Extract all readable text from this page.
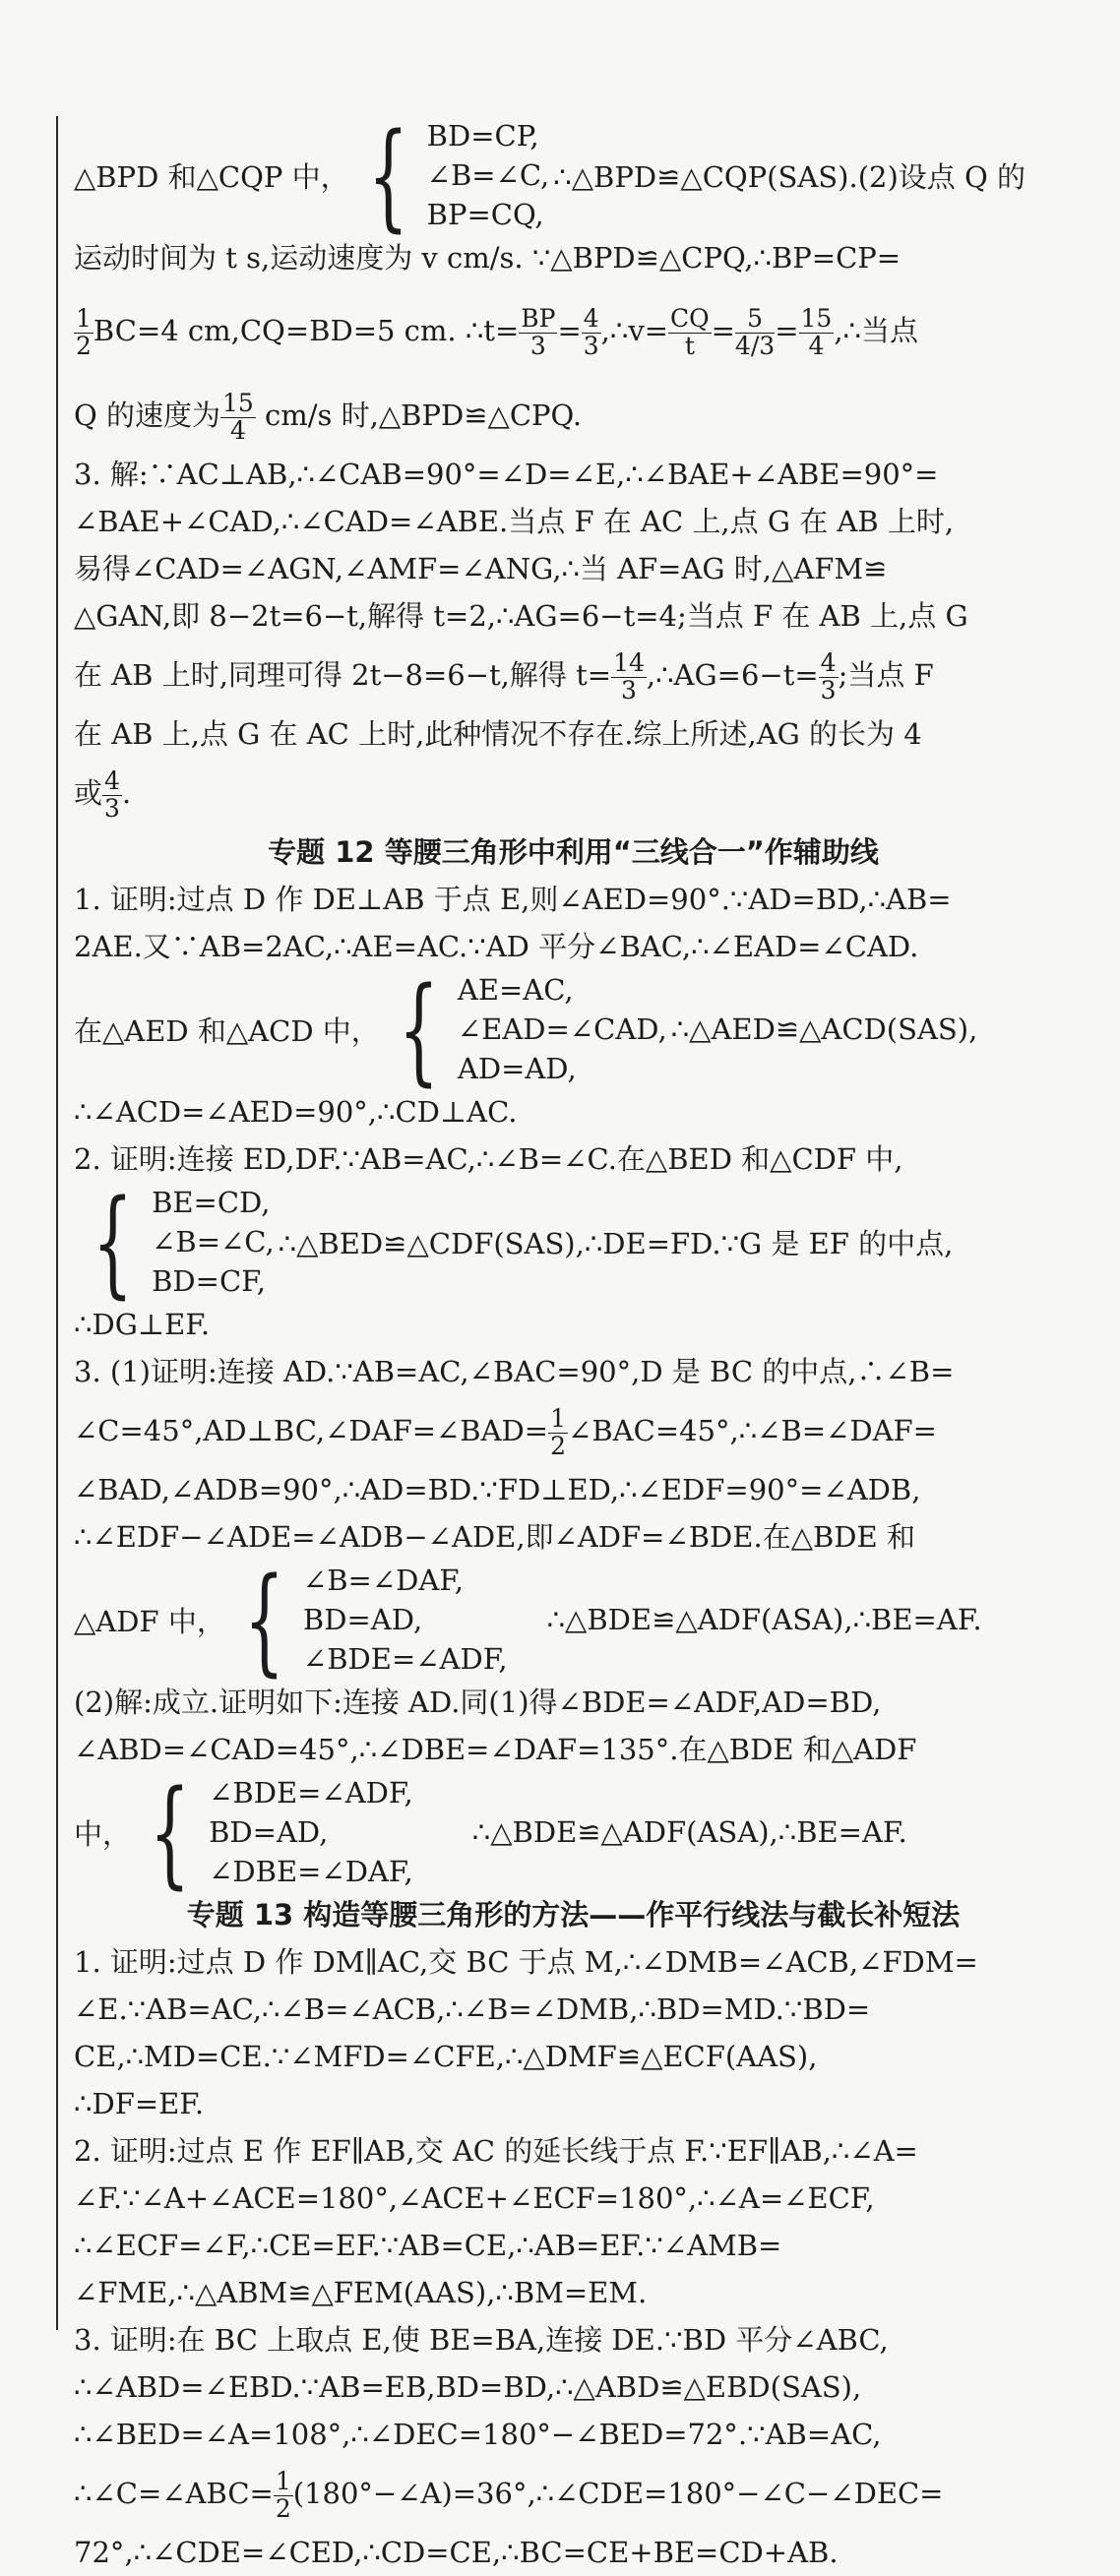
△BPD 和△CQP 中， { BD=CP,
∠B=∠C,
BP=CQ,
∴△BPD≌△CQP(SAS).(2)设点 Q 的
运动时间为 t s,运动速度为 v cm/s. ∵△BPD≌△CPQ,∴BP=CP=
$\frac{1}{2} BC=4$ cm,CQ=BD=5 cm. ∴t= $\frac{BP}{3} = \frac{4}{3}$ ,∴v= $\frac{CQ}{t} = \frac{5}{4/3} = \frac{15}{4}$ ,∴当点
Q 的速度为 $\frac{15}{4} cm/s$ 时,△BPD≌△CPQ.
3. 解:∵AC⊥AB,∴∠CAB=90°=∠D=∠E,∴∠BAE+∠ABE=90°=
∠BAE+∠CAD,∴∠CAD=∠ABE.当点 F 在 AC 上,点 G 在 AB 上时,
易得∠CAD=∠AGN,∠AMF=∠ANG,∴当 AF=AG 时,△AFM≌
△GAN,即 8−2t=6−t,解得 t=2,∴AG=6−t=4;当点 F 在 AB 上,点 G
在 AB 上时,同理可得 2t−8=6−t,解得 $t= \frac{14}{3}$ ,∴AG=6−t= $\frac{4}{3}$ ;当点 F
在 AB 上,点 G 在 AC 上时,此种情况不存在.综上所述,AG 的长为 4
或 $\frac{4}{3}$ .
专题 12 等腰三角形中利用“三线合一”作辅助线
1. 证明:过点 D 作 DE⊥AB 于点 E,则∠AED=90°.∵AD=BD,∴AB=
2AE.又∵AB=2AC,∴AE=AC.∵AD 平分∠BAC,∴∠EAD=∠CAD.
在△AED 和△ACD 中， { AE=AC,
∠EAD=∠CAD,
AD=AD,
∴△AED≌△ACD(SAS),
∴∠ACD=∠AED=90°,∴CD⊥AC.
2. 证明:连接 ED,DF.∵AB=AC,∴∠B=∠C.在△BED 和△CDF 中,
{ BE=CD,
∠B=∠C,
BD=CF,
∴△BED≌△CDF(SAS),∴DE=FD.∵G 是 EF 的中点,
∴DG⊥EF.
3. (1)证明:连接 AD.∵AB=AC,∠BAC=90°,D 是 BC 的中点,∴∠B=
∠C=45°,AD⊥BC,∠DAF=∠BAD= $\frac{1}{2}$ ∠BAC=45°,∴∠B=∠DAF=
∠BAD,∠ADB=90°,∴AD=BD.∵FD⊥ED,∴∠EDF=90°=∠ADB,
∴∠EDF−∠ADE=∠ADB−∠ADE,即∠ADF=∠BDE.在△BDE 和
△ADF 中， { ∠B=∠DAF,
BD=AD,
∠BDE=∠ADF,
∴△BDE≌△ADF(ASA),∴BE=AF.
(2)解:成立.证明如下:连接 AD.同(1)得∠BDE=∠ADF,AD=BD,
∠ABD=∠CAD=45°,∴∠DBE=∠DAF=135°.在△BDE 和△ADF
中， { ∠BDE=∠ADF,
BD=AD,
∠DBE=∠DAF,
∴△BDE≌△ADF(ASA),∴BE=AF.
专题 13 构造等腰三角形的方法——作平行线法与截长补短法
1. 证明:过点 D 作 DM∥AC,交 BC 于点 M,∴∠DMB=∠ACB,∠FDM=
∠E.∵AB=AC,∴∠B=∠ACB,∴∠B=∠DMB,∴BD=MD.∵BD=
CE,∴MD=CE.∵∠MFD=∠CFE,∴△DMF≌△ECF(AAS),
∴DF=EF.
2. 证明:过点 E 作 EF∥AB,交 AC 的延长线于点 F.∵EF∥AB,∴∠A=
∠F.∵∠A+∠ACE=180°,∠ACE+∠ECF=180°,∴∠A=∠ECF,
∴∠ECF=∠F,∴CE=EF.∵AB=CE,∴AB=EF.∵∠AMB=
∠FME,∴△ABM≌△FEM(AAS),∴BM=EM.
3. 证明:在 BC 上取点 E,使 BE=BA,连接 DE.∵BD 平分∠ABC,
∴∠ABD=∠EBD.∵AB=EB,BD=BD,∴△ABD≌△EBD(SAS),
∴∠BED=∠A=108°,∴∠DEC=180°−∠BED=72°.∵AB=AC,
∴∠C=∠ABC= $\frac{1}{2}$ (180°−∠A)=36°,∴∠CDE=180°−∠C−∠DEC=
72°,∴∠CDE=∠CED,∴CD=CE,∴BC=CE+BE=CD+AB.
